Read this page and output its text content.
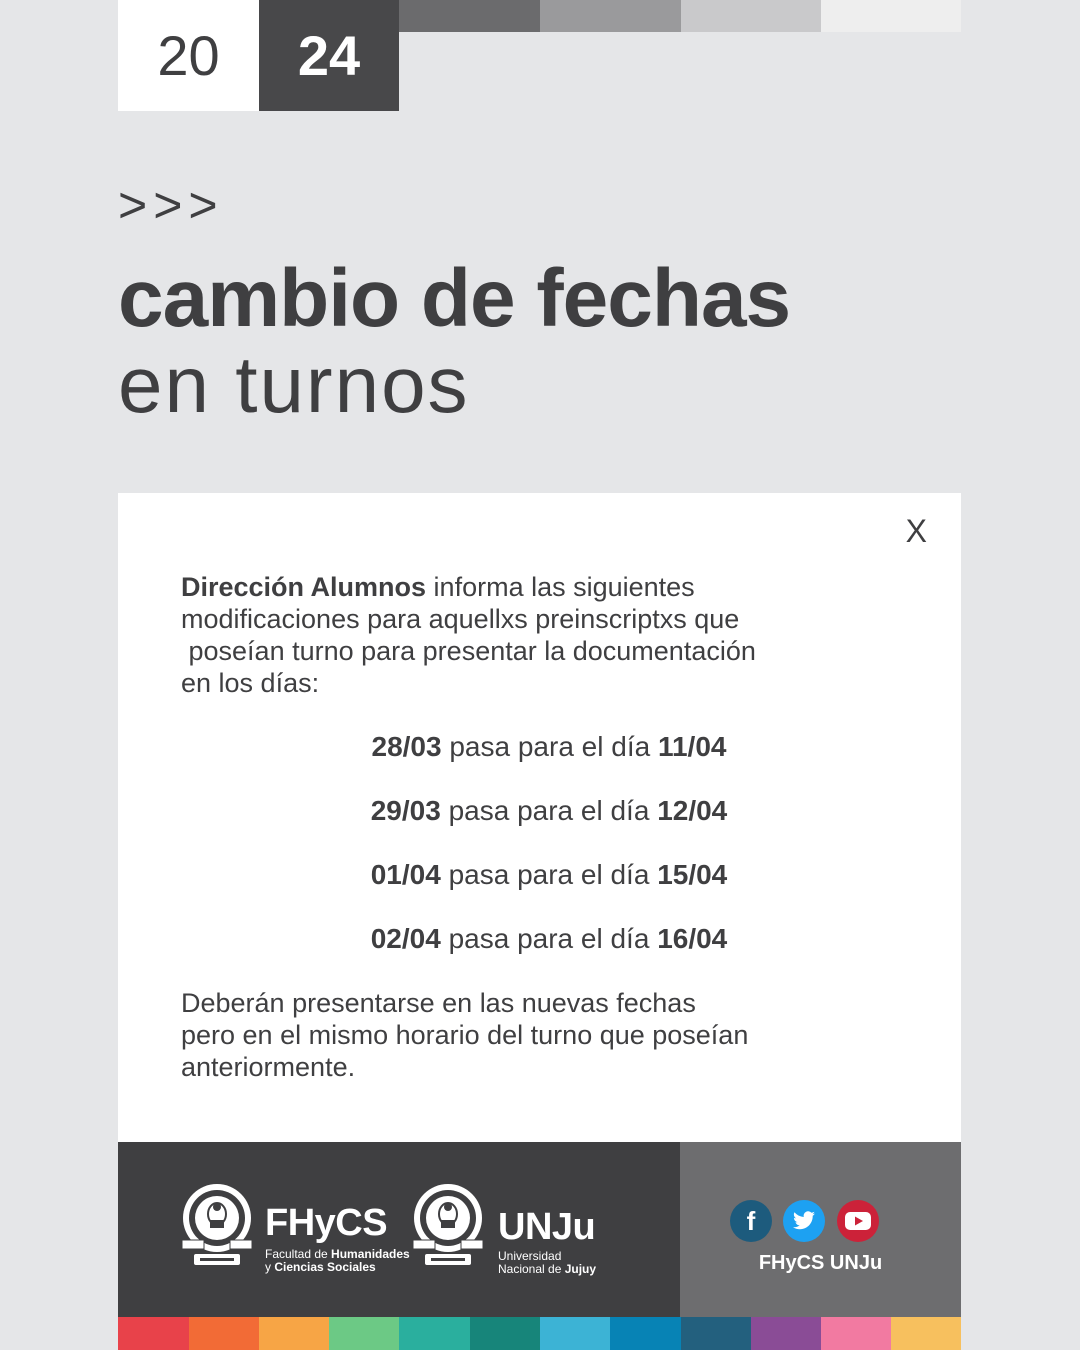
20	24
>>>
cambio de fechas
en turnos
X
Dirección Alumnos informa las siguientes
modificaciones para aquellxs preinscriptxs que
poseían turno para presentar la documentación
en los días:
28/03 pasa para el día 11/04
29/03 pasa para el día 12/04
01/04 pasa para el día 15/04
02/04 pasa para el día 16/04
Deberán presentarse en las nuevas fechas
pero en el mismo horario del turno que poseían
anteriormente.
FHyCS
Facultad de Humanidades
y Ciencias Sociales
UNJu
Universidad
Nacional de Jujuy
f
FHyCS UNJu
